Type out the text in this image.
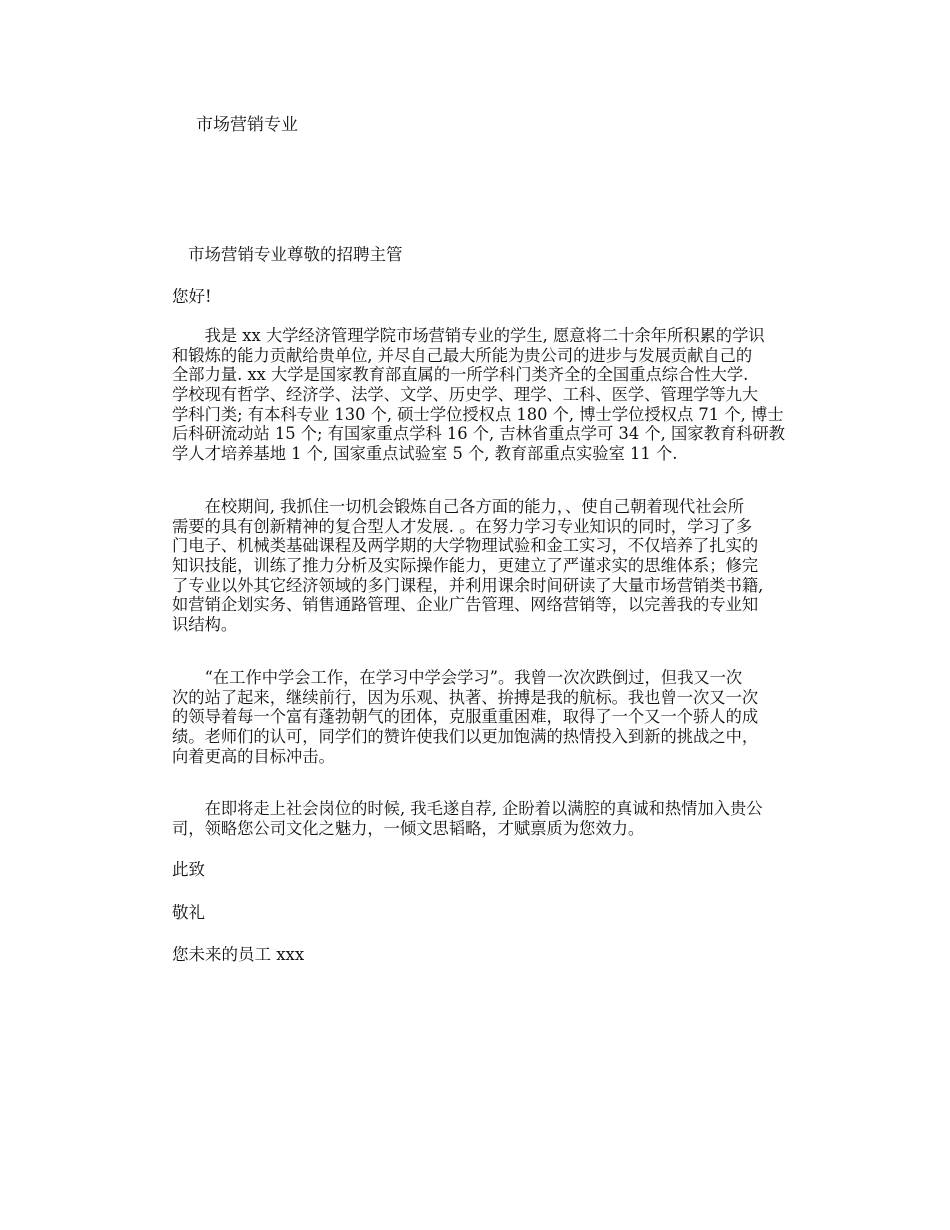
市场营销专业
市场营销专业尊敬的招聘主管
您好!
　　我是 xx 大学经济管理学院市场营销专业的学生, 愿意将二十余年所积累的学识
和锻炼的能力贡献给贵单位, 并尽自己最大所能为贵公司的进步与发展贡献自己的
全部力量. xx 大学是国家教育部直属的一所学科门类齐全的全国重点综合性大学.
学校现有哲学、经济学、法学、文学、历史学、理学、工科、医学、管理学等九大
学科门类; 有本科专业 130 个, 硕士学位授权点 180 个, 博士学位授权点 71 个, 博士
后科研流动站 15 个; 有国家重点学科 16 个, 吉林省重点学可 34 个, 国家教育科研教
学人才培养基地 1 个, 国家重点试验室 5 个, 教育部重点实验室 11 个.
　　在校期间, 我抓住一切机会锻炼自己各方面的能力，、使自己朝着现代社会所
需要的具有创新精神的复合型人才发展. 。在努力学习专业知识的同时，学习了多
门电子、机械类基础课程及两学期的大学物理试验和金工实习，不仅培养了扎实的
知识技能，训练了推力分析及实际操作能力，更建立了严谨求实的思维体系；修完
了专业以外其它经济领域的多门课程，并利用课余时间研读了大量市场营销类书籍,
如营销企划实务、销售通路管理、企业广告管理、网络营销等，以完善我的专业知
识结构。
　　“在工作中学会工作，在学习中学会学习”。我曾一次次跌倒过，但我又一次
次的站了起来，继续前行，因为乐观、执著、拚搏是我的航标。我也曾一次又一次
的领导着每一个富有蓬勃朝气的团体，克服重重困难，取得了一个又一个骄人的成
绩。老师们的认可，同学们的赞许使我们以更加饱满的热情投入到新的挑战之中，
向着更高的目标冲击。
　　在即将走上社会岗位的时候, 我毛遂自荐, 企盼着以满腔的真诚和热情加入贵公
司，领略您公司文化之魅力，一倾文思韬略，才赋禀质为您效力。
此致
敬礼
您未来的员工 xxx
